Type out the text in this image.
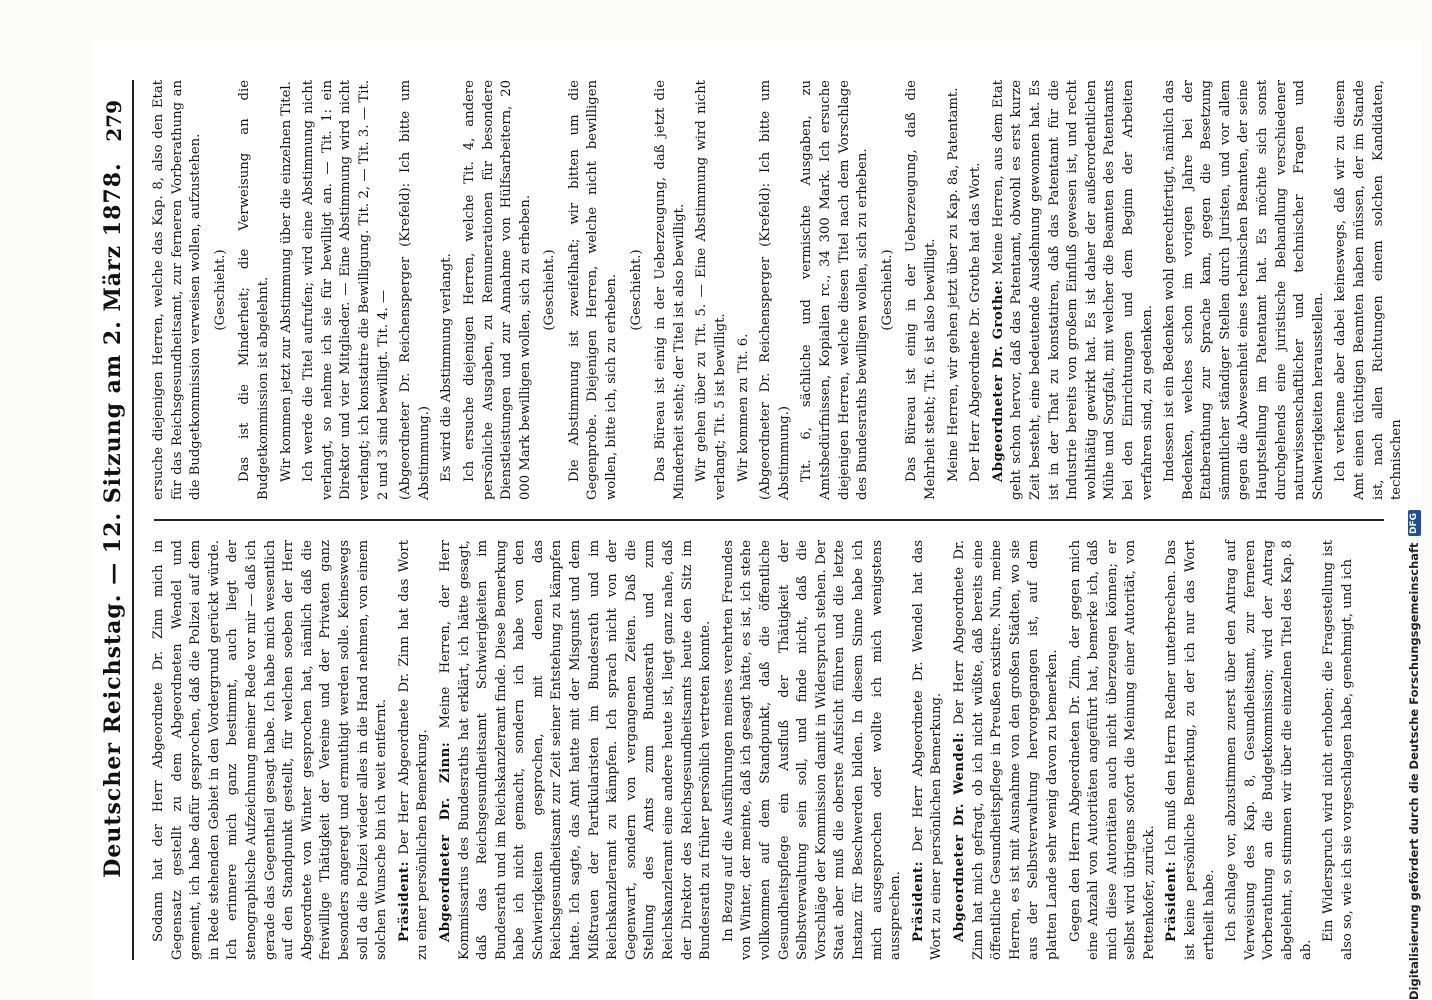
Deutscher Reichstag. — 12. Sitzung am 2. März 1878.
279

Sodann hat der Herr Abgeordnete Dr. Zinn mich in Gegensatz gestellt zu dem Abgeordneten Wendel und gemeint, ich habe dafür gesprochen, daß die Polizei auf dem in Rede stehenden Gebiet in den Vordergrund gerückt würde. Ich erinnere mich ganz bestimmt, auch liegt der stenographische Aufzeichnung meiner Rede vor mir — daß ich gerade das Gegentheil gesagt habe. Ich habe mich wesentlich auf den Standpunkt gestellt, für welchen soeben der Herr Abgeordnete von Winter gesprochen hat, nämlich daß die freiwillige Thätigkeit der Vereine und der Privaten ganz besonders angeregt und ermuthigt werden solle. Keineswegs soll da die Polizei wieder alles in die Hand nehmen, von einem solchen Wunsche bin ich weit entfernt. Präsident: Der Herr Abgeordnete Dr. Zinn hat das Wort zu einer persönlichen Bemerkung. Abgeordneter Dr. Zinn: Meine Herren, der Herr Kommissarius des Bundesraths hat erklärt, ich hätte gesagt, daß das Reichsgesundheitsamt Schwierigkeiten im Bundesrath und im Reichskanzleramt finde. Diese Bemerkung habe ich nicht gemacht, sondern ich habe von den Schwierigkeiten gesprochen, mit denen das Reichsgesundheitsamt zur Zeit seiner Entstehung zu kämpfen hatte. Ich sagte, das Amt hatte mit der Misgunst und dem Mißtrauen der Partikularisten im Bundesrath und im Reichskanzleramt zu kämpfen. Ich sprach nicht von der Gegenwart, sondern von vergangenen Zeiten. Daß die Stellung des Amts zum Bundesrath und zum Reichskanzleramt eine andere heute ist, liegt ganz nahe, daß der Direktor des Reichsgesundheitsamts heute den Sitz im Bundesrath zu früher persönlich vertreten konnte. In Bezug auf die Ausführungen meines verehrten Freundes von Winter, der meinte, daß ich gesagt hätte, es ist, ich stehe vollkommen auf dem Standpunkt, daß die öffentliche Gesundheitspflege ein Ausfluß der Thätigkeit der Selbstverwaltung sein soll, und finde nicht, daß die Vorschläge der Kommission damit in Widerspruch stehen. Der Staat aber muß die oberste Aufsicht führen und die letzte Instanz für Beschwerden bilden. In diesem Sinne habe ich mich ausgesprochen oder wollte ich mich wenigstens aussprechen. Präsident: Der Herr Abgeordnete Dr. Wendel hat das Wort zu einer persönlichen Bemerkung. Abgeordneter Dr. Wendel: Der Herr Abgeordnete Dr. Zinn hat mich gefragt, ob ich nicht wüßte, daß bereits eine öffentliche Gesundheitspflege in Preußen existire. Nun, meine Herren, es ist mit Ausnahme von den großen Städten, wo sie aus der Selbstverwaltung hervorgegangen ist, auf dem platten Lande sehr wenig davon zu bemerken. Gegen den Herrn Abgeordneten Dr. Zinn, der gegen mich eine Anzahl von Autoritäten angeführt hat, bemerke ich, daß mich diese Autoritäten auch nicht überzeugen können; er selbst wird übrigens sofort die Meinung einer Autorität, von Pettenkofer, zurück. Präsident: Ich muß den Herrn Redner unterbrechen. Das ist keine persönliche Bemerkung, zu der ich nur das Wort ertheilt habe. Ich schlage vor, abzustimmen zuerst über den Antrag auf Verweisung des Kap. 8, Gesundheitsamt, zur ferneren Vorberathung an die Budgetkommission; wird der Antrag abgelehnt, so stimmen wir über die einzelnen Titel des Kap. 8 ab.

Ein Widerspruch wird nicht erhoben; die Fragestellung ist also so, wie ich sie vorgeschlagen habe, genehmigt, und ich

ersuche diejenigen Herren, welche das Kap. 8, also den Etat für das Reichsgesundheitsamt, zur ferneren Vorberathung an die Budgetkommission verweisen wollen, aufzustehen. (Geschieht.) Das ist die Minderheit; die Verweisung an die Budgetkommission ist abgelehnt. Wir kommen jetzt zur Abstimmung über die einzelnen Titel. Ich werde die Titel aufrufen; wird eine Abstimmung nicht verlangt, so nehme ich sie für bewilligt an. — Tit. 1: ein Direktor und vier Mitglieder. — Eine Abstimmung wird nicht verlangt; ich konstatire die Bewilligung. Tit. 2, — Tit. 3. — Tit. 2 und 3 sind bewilligt. Tit. 4. — (Abgeordneter Dr. Reichensperger (Krefeld): Ich bitte um Abstimmung.) Es wird die Abstimmung verlangt. Ich ersuche diejenigen Herren, welche Tit. 4, andere persönliche Ausgaben, zu Remunerationen für besondere Dienstleistungen und zur Annahme von Hülfsarbeitern, 20 000 Mark bewilligen wollen, sich zu erheben. (Geschieht.) Die Abstimmung ist zweifelhaft; wir bitten um die Gegenprobe. Diejenigen Herren, welche nicht bewilligen wollen, bitte ich, sich zu erheben. (Geschieht.) Das Büreau ist einig in der Ueberzeugung, daß jetzt die Minderheit steht; der Titel ist also bewilligt. Wir gehen über zu Tit. 5. — Eine Abstimmung wird nicht verlangt; Tit. 5 ist bewilligt. Wir kommen zu Tit. 6. (Abgeordneter Dr. Reichensperger (Krefeld): Ich bitte um Abstimmung.) Tit. 6, sächliche und vermischte Ausgaben, zu Amtsbedürfnissen, Kopialien rc., 34 300 Mark. Ich ersuche diejenigen Herren, welche diesen Titel nach dem Vorschlage des Bundesraths bewilligen wollen, sich zu erheben. (Geschieht.) Das Büreau ist einig in der Ueberzeugung, daß die Mehrheit steht; Tit. 6 ist also bewilligt. Meine Herren, wir gehen jetzt über zu Kap. 8a, Patentamt. Der Herr Abgeordnete Dr. Grothe hat das Wort. Abgeordneter Dr. Grothe: Meine Herren, aus dem Etat geht schon hervor, daß das Patentamt, obwohl es erst kurze Zeit besteht, eine bedeutende Ausdehnung gewonnen hat. Es ist in der That zu konstatiren, daß das Patentamt für die Industrie bereits von großem Einfluß gewesen ist, und recht wohlthätig gewirkt hat. Es ist daher der außerordentlichen Mühe und Sorgfalt, mit welcher die Beamten des Patentamts bei den Einrichtungen und dem Beginn der Arbeiten verfahren sind, zu gedenken. Indessen ist ein Bedenken wohl gerechtfertigt, nämlich das Bedenken, welches schon im vorigen Jahre bei der Etatberathung zur Sprache kam, gegen die Besetzung sämmtlicher ständiger Stellen durch Juristen, und vor allem gegen die Abwesenheit eines technischen Beamten, der seine Hauptstellung im Patentamt hat. Es möchte sich sonst durchgehends eine juristische Behandlung verschiedener naturwissenschaftlicher und technischer Fragen und Schwierigkeiten herausstellen. Ich verkenne aber dabei keineswegs, daß wir zu diesem Amt einen tüchtigen Beamten haben müssen, der im Stande ist, nach allen Richtungen einem solchen Kandidaten, technischen

Digitalisierung gefördert durch die Deutsche Forschungsgemeinschaft
DFG
